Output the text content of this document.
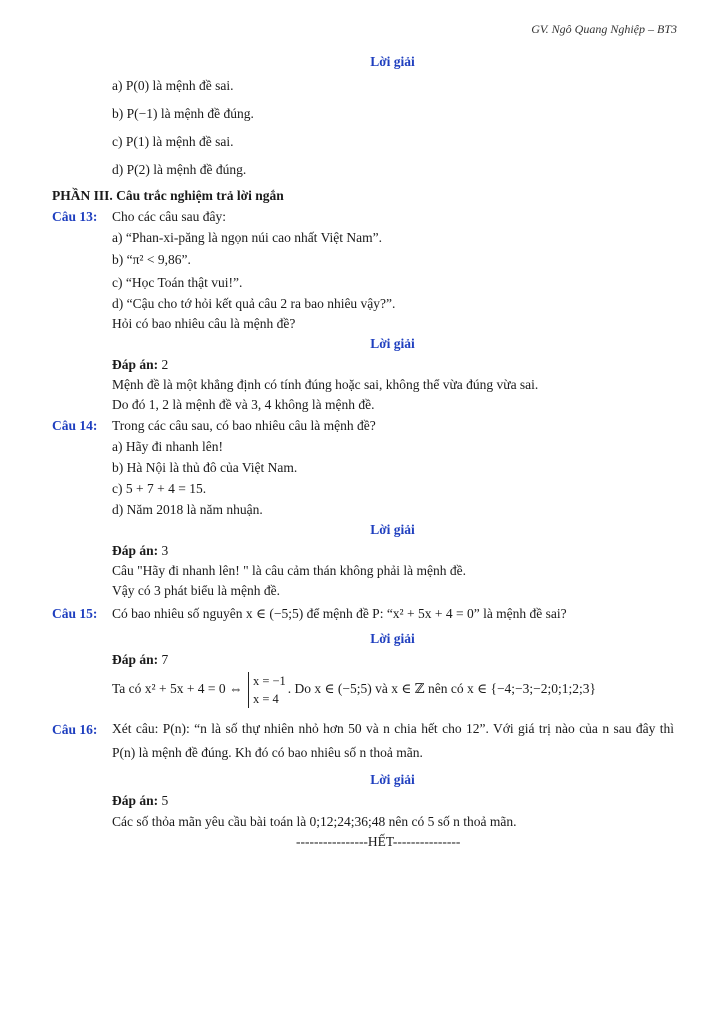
GV. Ngô Quang Nghiệp – BT3
Lời giải
a) P(0) là mệnh đề sai.
b) P(−1) là mệnh đề đúng.
c) P(1) là mệnh đề sai.
d) P(2) là mệnh đề đúng.
PHẦN III. Câu trắc nghiệm trả lời ngắn
Câu 13: Cho các câu sau đây:
a) “Phan-xi-păng là ngọn núi cao nhất Việt Nam”.
b) “π² < 9,86”.
c) “Học Toán thật vui!”.
d) “Cậu cho tớ hỏi kết quả câu 2 ra bao nhiêu vậy?”.
Hỏi có bao nhiêu câu là mệnh đề?
Lời giải
Đáp án: 2
Mệnh đề là một khẳng định có tính đúng hoặc sai, không thể vừa đúng vừa sai.
Do đó 1, 2 là mệnh đề và 3, 4 không là mệnh đề.
Câu 14: Trong các câu sau, có bao nhiêu câu là mệnh đề?
a) Hãy đi nhanh lên!
b) Hà Nội là thủ đô của Việt Nam.
c) 5 + 7 + 4 = 15.
d) Năm 2018 là năm nhuận.
Lời giải
Đáp án: 3
Câu "Hãy đi nhanh lên! " là câu cảm thán không phải là mệnh đề.
Vậy có 3 phát biểu là mệnh đề.
Câu 15: Có bao nhiêu số nguyên x ∈ (−5;5) để mệnh đề P: “x² + 5x + 4 = 0” là mệnh đề sai?
Lời giải
Đáp án: 7
Ta có x² + 5x + 4 = 0 ⇔
x = −1
x = 4
. Do x ∈ (−5;5) và x ∈ ℤ nên có x ∈ {−4;−3;−2;0;1;2;3}
Câu 16: Xét câu: P(n): “n là số thự nhiên nhỏ hơn 50 và n chia hết cho 12”. Với giá trị nào của n sau đây thì P(n) là mệnh đề đúng. Kh đó có bao nhiêu số n thoả mãn.
Lời giải
Đáp án: 5
Các số thỏa mãn yêu cầu bài toán là 0;12;24;36;48 nên có 5 số n thoả mãn.
----------------HẾT---------------
